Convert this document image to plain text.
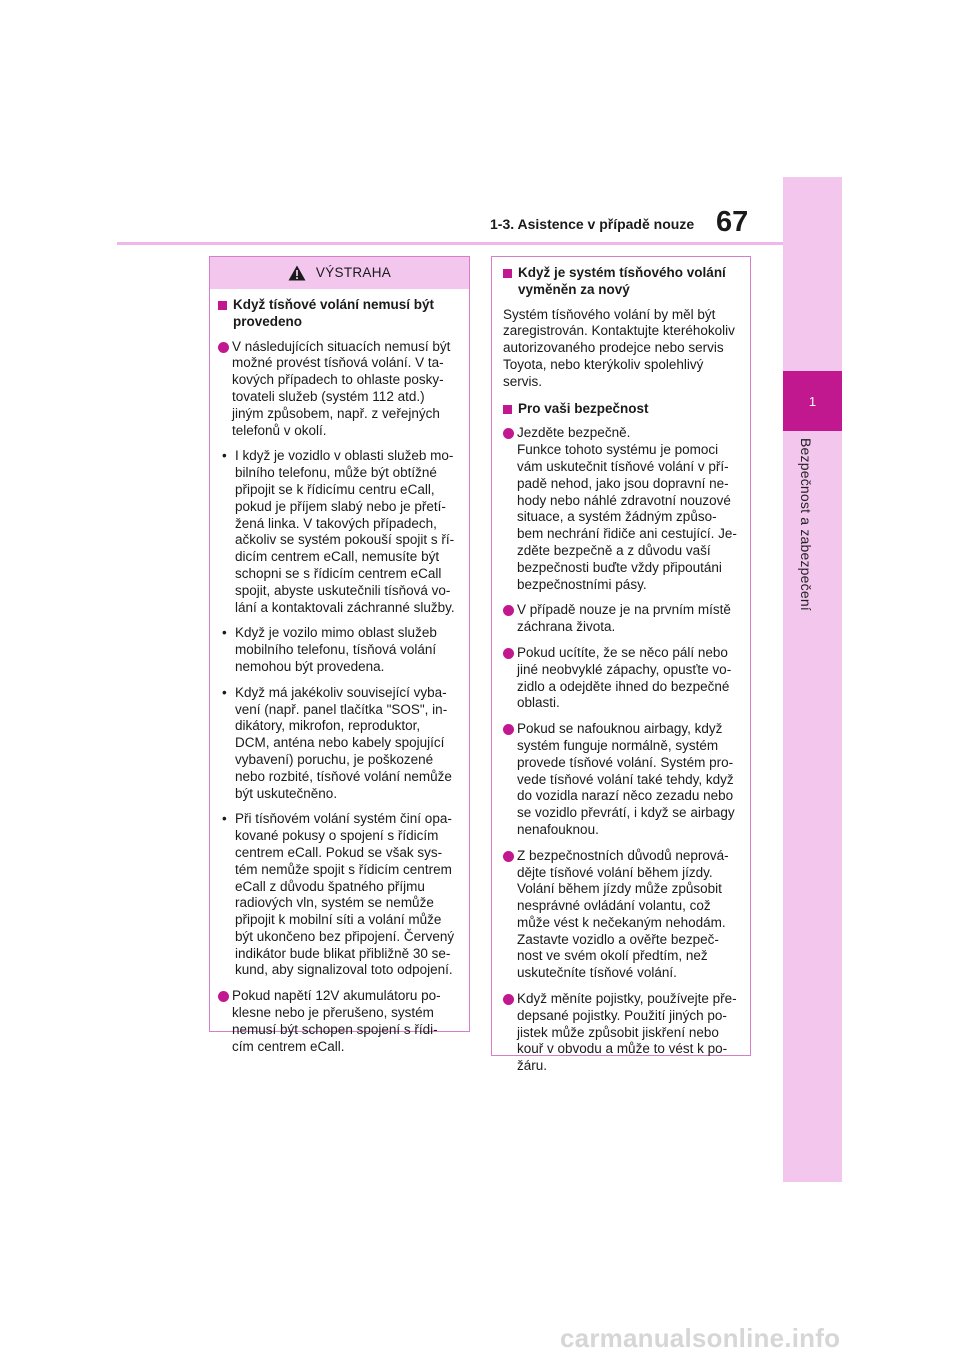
1
Bezpečnost a zabezpečení
1-3. Asistence v případě nouze 67
VÝSTRAHA
Když tísňové volání nemusí být
provedeno
V následujících situacích nemusí být
možné provést tísňová volání. V ta-
kových případech to ohlaste posky-
tovateli služeb (systém 112 atd.)
jiným způsobem, např. z veřejných
telefonů v okolí.
• I když je vozidlo v oblasti služeb mo-
bilního telefonu, může být obtížné
připojit se k řídicímu centru eCall,
pokud je příjem slabý nebo je přetí-
žená linka. V takových případech,
ačkoliv se systém pokouší spojit s ří-
dicím centrem eCall, nemusíte být
schopni se s řídicím centrem eCall
spojit, abyste uskutečnili tísňová vo-
lání a kontaktovali záchranné služby.
• Když je vozilo mimo oblast služeb
mobilního telefonu, tísňová volání
nemohou být provedena.
• Když má jakékoliv související vyba-
vení (např. panel tlačítka "SOS", in-
dikátory, mikrofon, reproduktor,
DCM, anténa nebo kabely spojující
vybavení) poruchu, je poškozené
nebo rozbité, tísňové volání nemůže
být uskutečněno.
• Při tísňovém volání systém činí opa-
kované pokusy o spojení s řídicím
centrem eCall. Pokud se však sys-
tém nemůže spojit s řídicím centrem
eCall z důvodu špatného příjmu
radiových vln, systém se nemůže
připojit k mobilní síti a volání může
být ukončeno bez připojení. Červený
indikátor bude blikat přibližně 30 se-
kund, aby signalizoval toto odpojení.
Pokud napětí 12V akumulátoru po-
klesne nebo je přerušeno, systém
nemusí být schopen spojení s řídi-
cím centrem eCall.
Když je systém tísňového volání
vyměněn za nový
Systém tísňového volání by měl být
zaregistrován. Kontaktujte kteréhokoliv
autorizovaného prodejce nebo servis
Toyota, nebo kterýkoliv spolehlivý
servis.
Pro vaši bezpečnost
Jezděte bezpečně.
Funkce tohoto systému je pomoci
vám uskutečnit tísňové volání v pří-
padě nehod, jako jsou dopravní ne-
hody nebo náhlé zdravotní nouzové
situace, a systém žádným způso-
bem nechrání řidiče ani cestující. Je-
zděte bezpečně a z důvodu vaší
bezpečnosti buďte vždy připoutáni
bezpečnostními pásy.
V případě nouze je na prvním místě
záchrana života.
Pokud ucítíte, že se něco pálí nebo
jiné neobvyklé zápachy, opusťte vo-
zidlo a odejděte ihned do bezpečné
oblasti.
Pokud se nafouknou airbagy, když
systém funguje normálně, systém
provede tísňové volání. Systém pro-
vede tísňové volání také tehdy, když
do vozidla narazí něco zezadu nebo
se vozidlo převrátí, i když se airbagy
nenafouknou.
Z bezpečnostních důvodů neprová-
děјte tísňové volání během jízdy.
Volání během jízdy může způsobit
nesprávné ovládání volantu, což
může vést k nečekaným nehodám.
Zastavte vozidlo a ověřte bezpeč-
nost ve svém okolí předtím, než
uskutečníte tísňové volání.
Když měníte pojistky, používejte pře-
depsané pojistky. Použití jiných po-
jistek může způsobit jiskření nebo
kouř v obvodu a může to vést k po-
žáru.
carmanualsonline.info
